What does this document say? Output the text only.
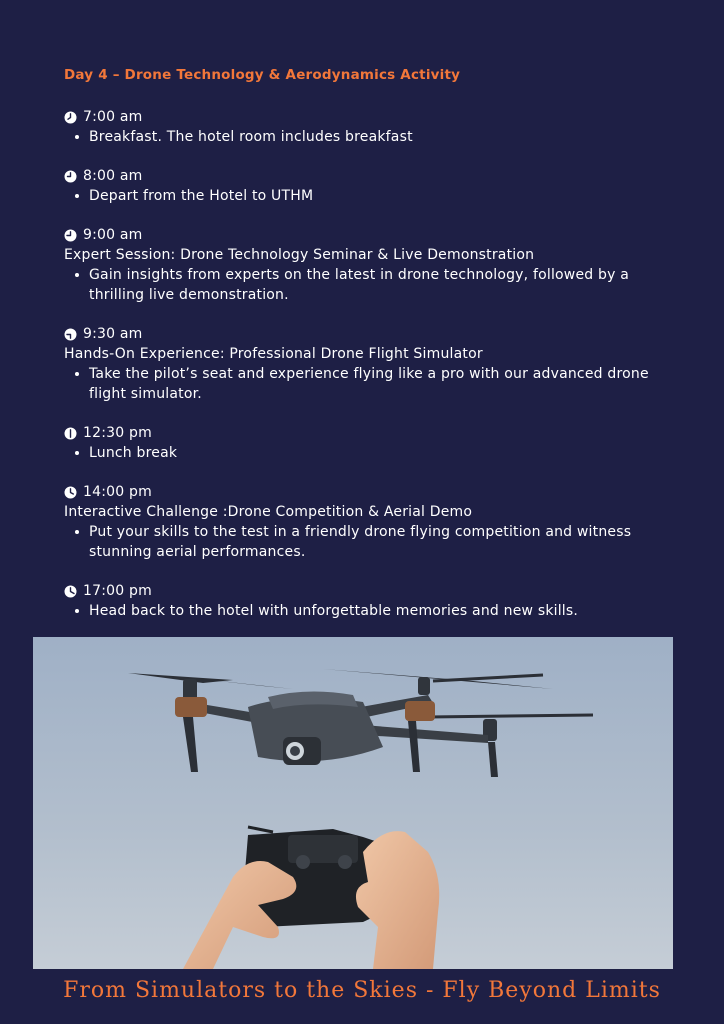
Day 4 – Drone Technology & Aerodynamics Activity
7:00 am
Breakfast. The hotel room includes breakfast
8:00 am
Depart from the Hotel to UTHM
9:00 am
Expert Session: Drone Technology Seminar & Live Demonstration
Gain insights from experts on the latest in drone technology, followed by a thrilling live demonstration.
9:30 am
Hands-On Experience: Professional Drone Flight Simulator
Take the pilot’s seat and experience flying like a pro with our advanced drone flight simulator.
12:30 pm
Lunch break
14:00 pm
Interactive Challenge :Drone Competition & Aerial Demo
Put your skills to the test in a friendly drone flying competition and witness stunning aerial performances.
17:00 pm
Head back to the hotel with unforgettable memories and new skills.
From Simulators to the Skies - Fly Beyond Limits
